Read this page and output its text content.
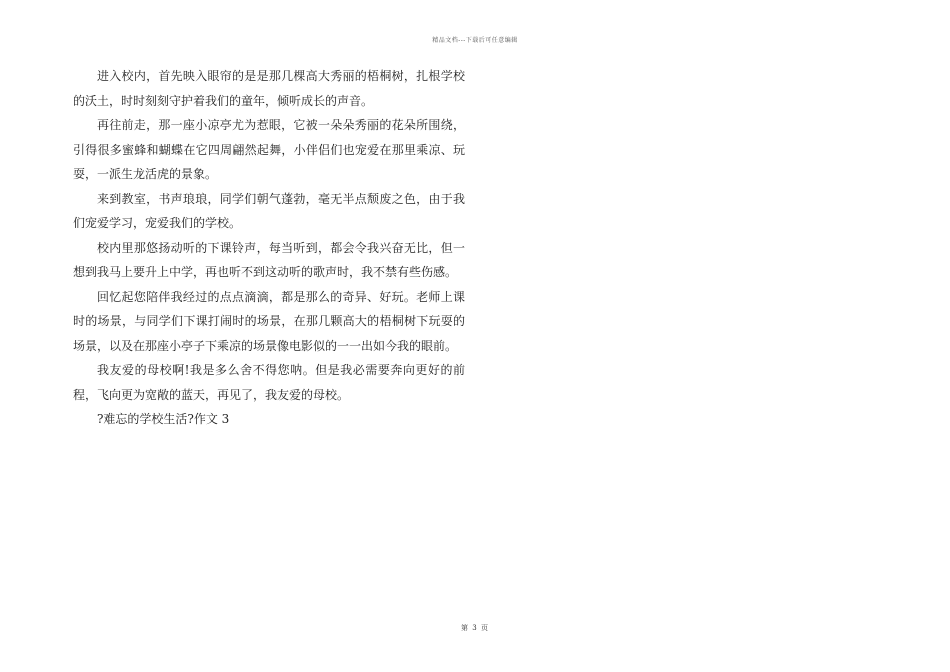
精品文档---下载后可任意编辑

进入校内，首先映入眼帘的是是那几棵高大秀丽的梧桐树，扎根学校的沃土，时时刻刻守护着我们的童年，倾听成长的声音。

再往前走，那一座小凉亭尤为惹眼，它被一朵朵秀丽的花朵所围绕，引得很多蜜蜂和蝴蝶在它四周翩然起舞，小伴侣们也宠爱在那里乘凉、玩耍，一派生龙活虎的景象。

来到教室，书声琅琅，同学们朝气蓬勃，毫无半点颓废之色，由于我们宠爱学习，宠爱我们的学校。

校内里那悠扬动听的下课铃声，每当听到，都会令我兴奋无比，但一想到我马上要升上中学，再也听不到这动听的歌声时，我不禁有些伤感。

回忆起您陪伴我经过的点点滴滴，都是那么的奇异、好玩。老师上课时的场景，与同学们下课打闹时的场景，在那几颗高大的梧桐树下玩耍的场景，以及在那座小亭子下乘凉的场景像电影似的一一出如今我的眼前。

我友爱的母校啊!我是多么舍不得您呐。但是我必需要奔向更好的前程，飞向更为宽敞的蓝天，再见了，我友爱的母校。

?难忘的学校生活?作文 3

第 3 页
